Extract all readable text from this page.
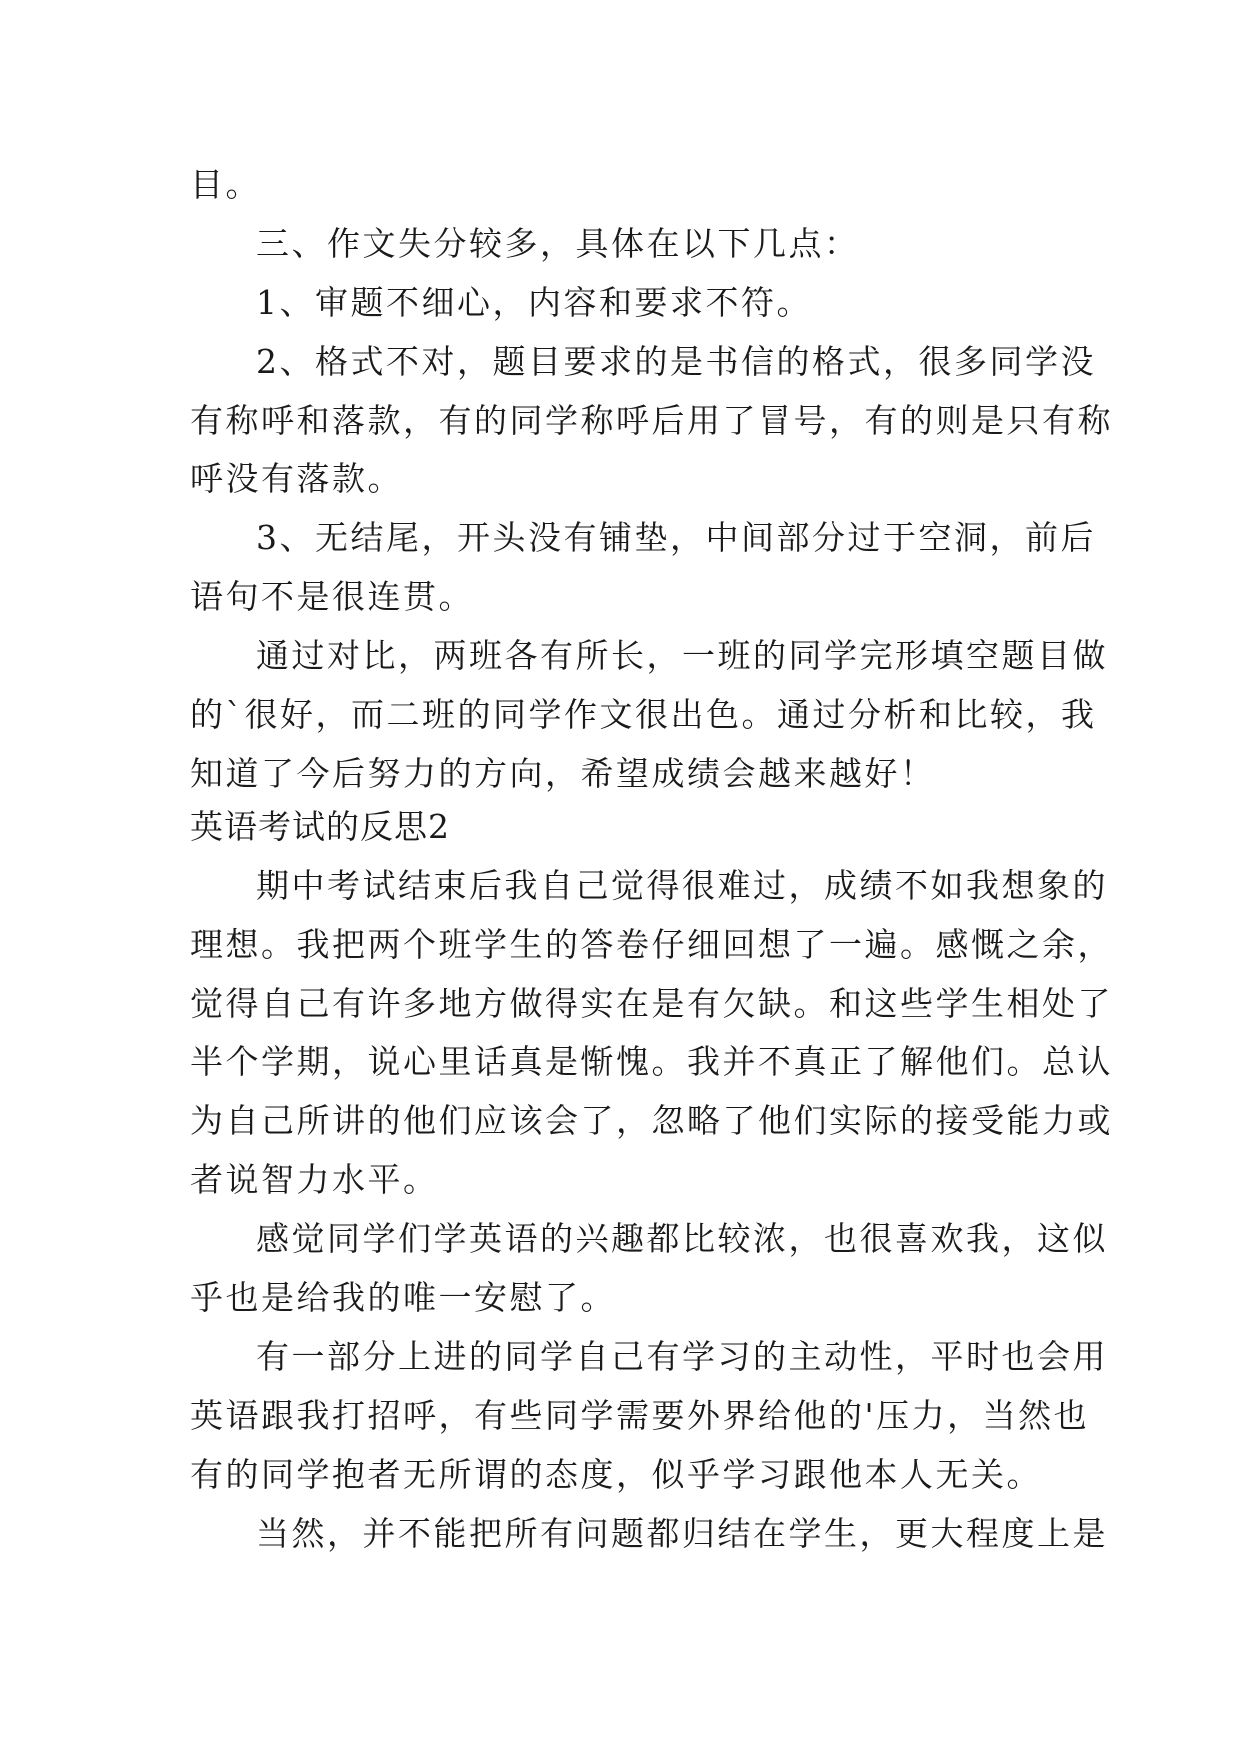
目。
三、作文失分较多，具体在以下几点：
1、审题不细心，内容和要求不符。
2、格式不对，题目要求的是书信的格式，很多同学没
有称呼和落款，有的同学称呼后用了冒号，有的则是只有称
呼没有落款。
3、无结尾，开头没有铺垫，中间部分过于空洞，前后
语句不是很连贯。
通过对比，两班各有所长，一班的同学完形填空题目做
的`很好，而二班的同学作文很出色。通过分析和比较，我
知道了今后努力的方向，希望成绩会越来越好！
英语考试的反思2
期中考试结束后我自己觉得很难过，成绩不如我想象的
理想。我把两个班学生的答卷仔细回想了一遍。感慨之余，
觉得自己有许多地方做得实在是有欠缺。和这些学生相处了
半个学期，说心里话真是惭愧。我并不真正了解他们。总认
为自己所讲的他们应该会了，忽略了他们实际的接受能力或
者说智力水平。
感觉同学们学英语的兴趣都比较浓，也很喜欢我，这似
乎也是给我的唯一安慰了。
有一部分上进的同学自己有学习的主动性，平时也会用
英语跟我打招呼，有些同学需要外界给他的'压力，当然也
有的同学抱者无所谓的态度，似乎学习跟他本人无关。
当然，并不能把所有问题都归结在学生，更大程度上是
